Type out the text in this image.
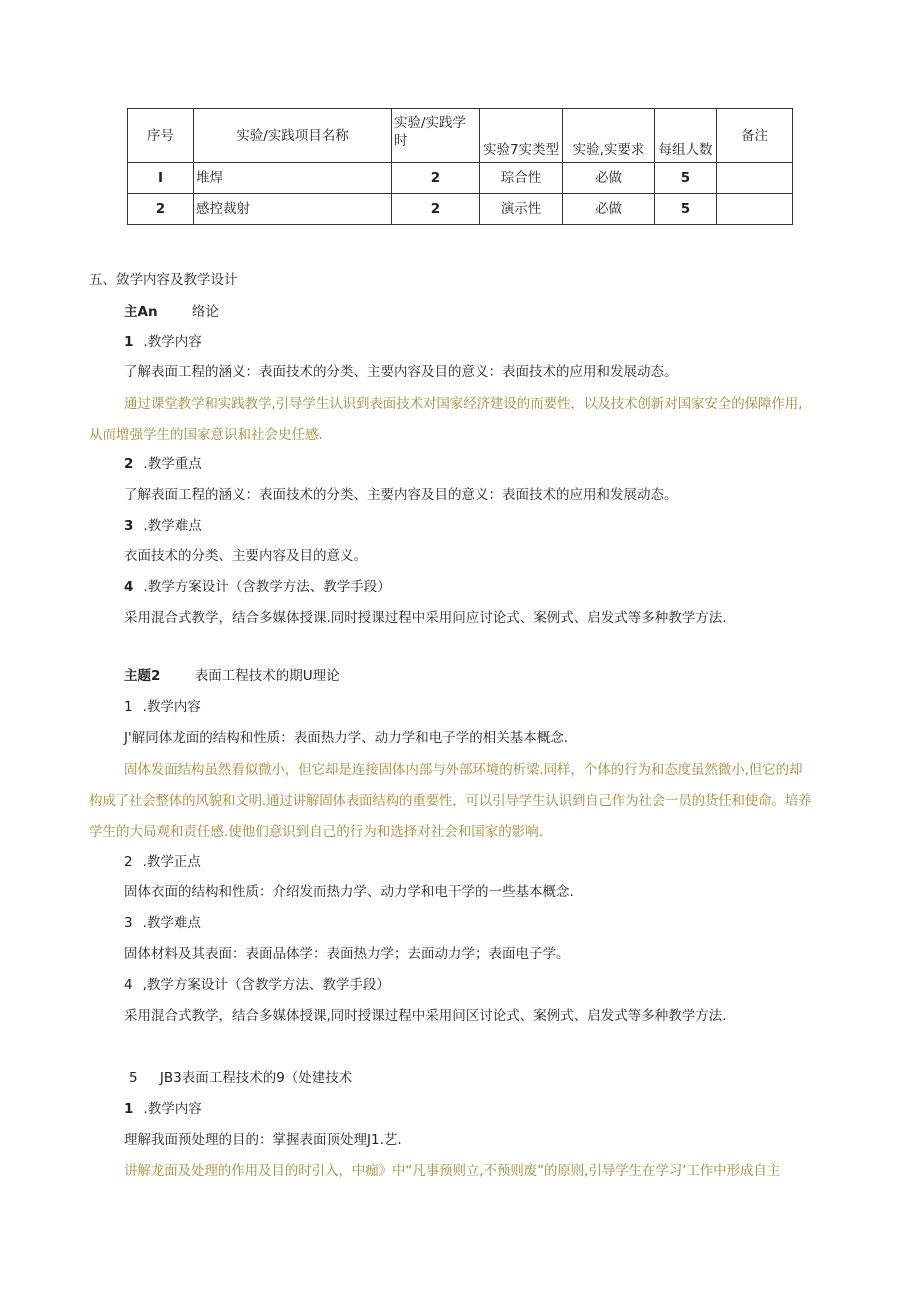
序号	实验/实践项目名称	实验/实践学时	实验7实类型	实验,实要求	每组人数	备注
I	堆焊	2	琮合性	必做	5	
2	感控裁射	2	演示性	必做	5	
五、敛学内容及教学设计
主An	络论
1 .教学内容
了解表面工程的涵义：表面技术的分类、主要内容及目的意义：表面技术的应用和发展动态。
通过课堂教学和实践教学,引导学生认识到表面技术对国家经济建设的而要性，以及技术创新对国家安全的保障作用,
从而增强学生的国家意识和社会史任感.
2 .教学重点
了解表面工程的涵义：表面技术的分类、主要内容及目的意义：表面技术的应用和发展动态。
3 .教学难点
衣面技术的分类、主要内容及目的意义。
4 .教学方案设计（含教学方法、教学手段）
采用混合式教学，结合多媒体授课.同时授课过程中采用问应讨论式、案例式、启发式等多种教学方法.
主题2	表面工程技术的期U理论
1 .教学内容
J'解同体龙面的结构和性质：表面热力学、动力学和电子学的相关基本概念.
固体发面结构虽然看似微小，但它却是连接固体内部与外部环境的析梁.同样，个体的行为和态度虽然微小,但它的却
构成了社会整体的风貌和文明.通过讲解固体表面结构的重要性，可以引导学生认识到自己作为社会一员的货任和使命。培养
学生的大局观和责任感.使他们意识到自己的行为和选择对社会和国家的影响.
2 .教学正点
固体衣面的结构和性质：介绍发而热力学、动力学和电干学的一些基本概念.
3 .教学难点
固体材料及其表面：表面品体学：表面热力学；去面动力学；表面电子学。
4 ,教学方案设计（含教学方法、教学手段）
采用混合式教学，结合多媒体授课,同时授课过程中采用问区讨论式、案例式、启发式等多种教学方法.
5 JB3表面工程技术的9（处建技术
1 .教学内容
理解我面预处理的目的：掌握表面顶处理J1.艺.
讲解龙面及处理的作用及目的时引入，中痂》中“凡事预则立,不预则废”的原则,引导学生在学习’工作中形成自主
